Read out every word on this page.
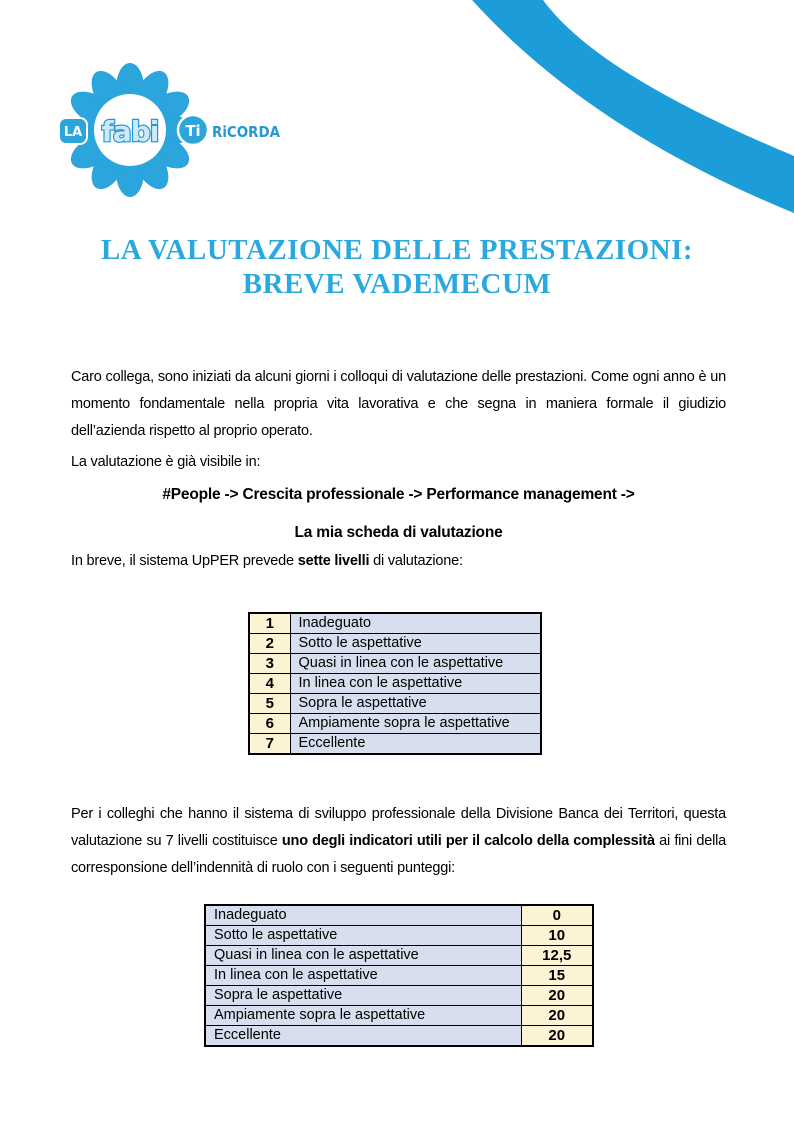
fabi
LA	Ti RiCORDA
LA VALUTAZIONE DELLE PRESTAZIONI:
BREVE VADEMECUM

Caro collega, sono iniziati da alcuni giorni i colloqui di valutazione delle prestazioni. Come ogni anno è un momento fondamentale nella propria vita lavorativa e che segna in maniera formale il giudizio dell’azienda rispetto al proprio operato.

La valutazione è già visibile in:

#People -> Crescita professionale -> Performance management ->

La mia scheda di valutazione

In breve, il sistema UpPER prevede sette livelli di valutazione:

1	Inadeguato
2	Sotto le aspettative
3	Quasi in linea con le aspettative
4	In linea con le aspettative
5	Sopra le aspettative
6	Ampiamente sopra le aspettative
7	Eccellente

Per i colleghi che hanno il sistema di sviluppo professionale della Divisione Banca dei Territori, questa valutazione su 7 livelli costituisce uno degli indicatori utili per il calcolo della complessità ai fini della corresponsione dell’indennità di ruolo con i seguenti punteggi:

Inadeguato	0
Sotto le aspettative	10
Quasi in linea con le aspettative	12,5
In linea con le aspettative	15
Sopra le aspettative	20
Ampiamente sopra le aspettative	20
Eccellente	20
